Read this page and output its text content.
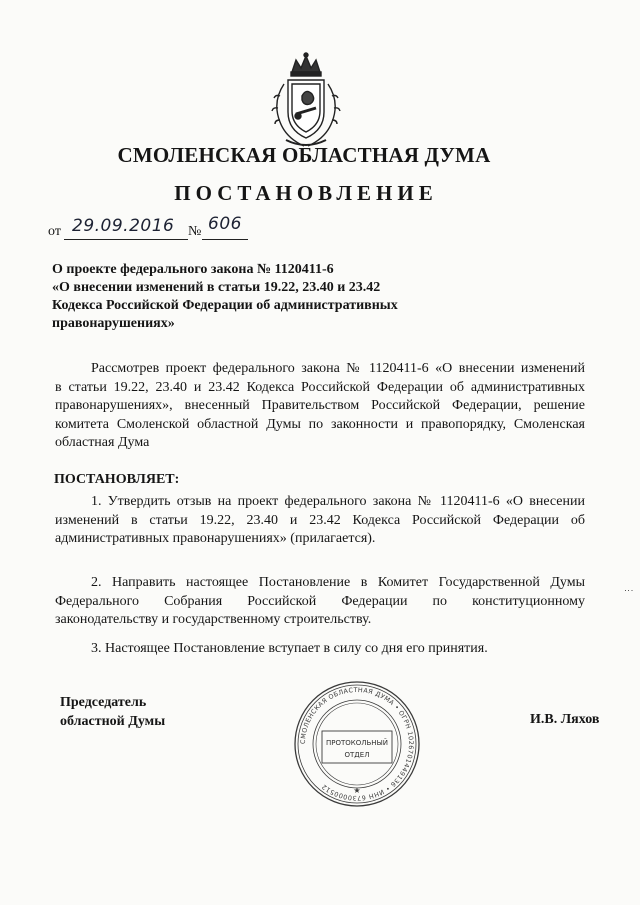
СМОЛЕНСКАЯ ОБЛАСТНАЯ ДУМА
ПОСТАНОВЛЕНИЕ
от 29.09.2016 № 606
О проекте федерального закона № 1120411-6
«О внесении изменений в статьи 19.22, 23.40 и 23.42
Кодекса Российской Федерации об административных
правонарушениях»
Рассмотрев проект федерального закона № 1120411-6 «О внесении изменений
в статьи 19.22, 23.40 и 23.42 Кодекса Российской Федерации об административных
правонарушениях», внесенный Правительством Российской Федерации, решение
комитета Смоленской областной Думы по законности и правопорядку, Смоленская
областная Дума
ПОСТАНОВЛЯЕТ:
1. Утвердить отзыв на проект федерального закона № 1120411-6 «О внесении
изменений в статьи 19.22, 23.40 и 23.42 Кодекса Российской Федерации об
административных правонарушениях» (прилагается).
2. Направить настоящее Постановление в Комитет Государственной Думы
Федерального Собрания Российской Федерации по конституционному
законодательству и государственному строительству.
3. Настоящее Постановление вступает в силу со дня его принятия.
Председатель
областной Думы	И.В. Ляхов
СМОЛЕНСКАЯ ОБЛАСТНАЯ ДУМА • ОГРН 1026701449136 • ИНН 6730000512
ПРОТОКОЛЬНЫЙ
ОТДЕЛ
★
⋮
